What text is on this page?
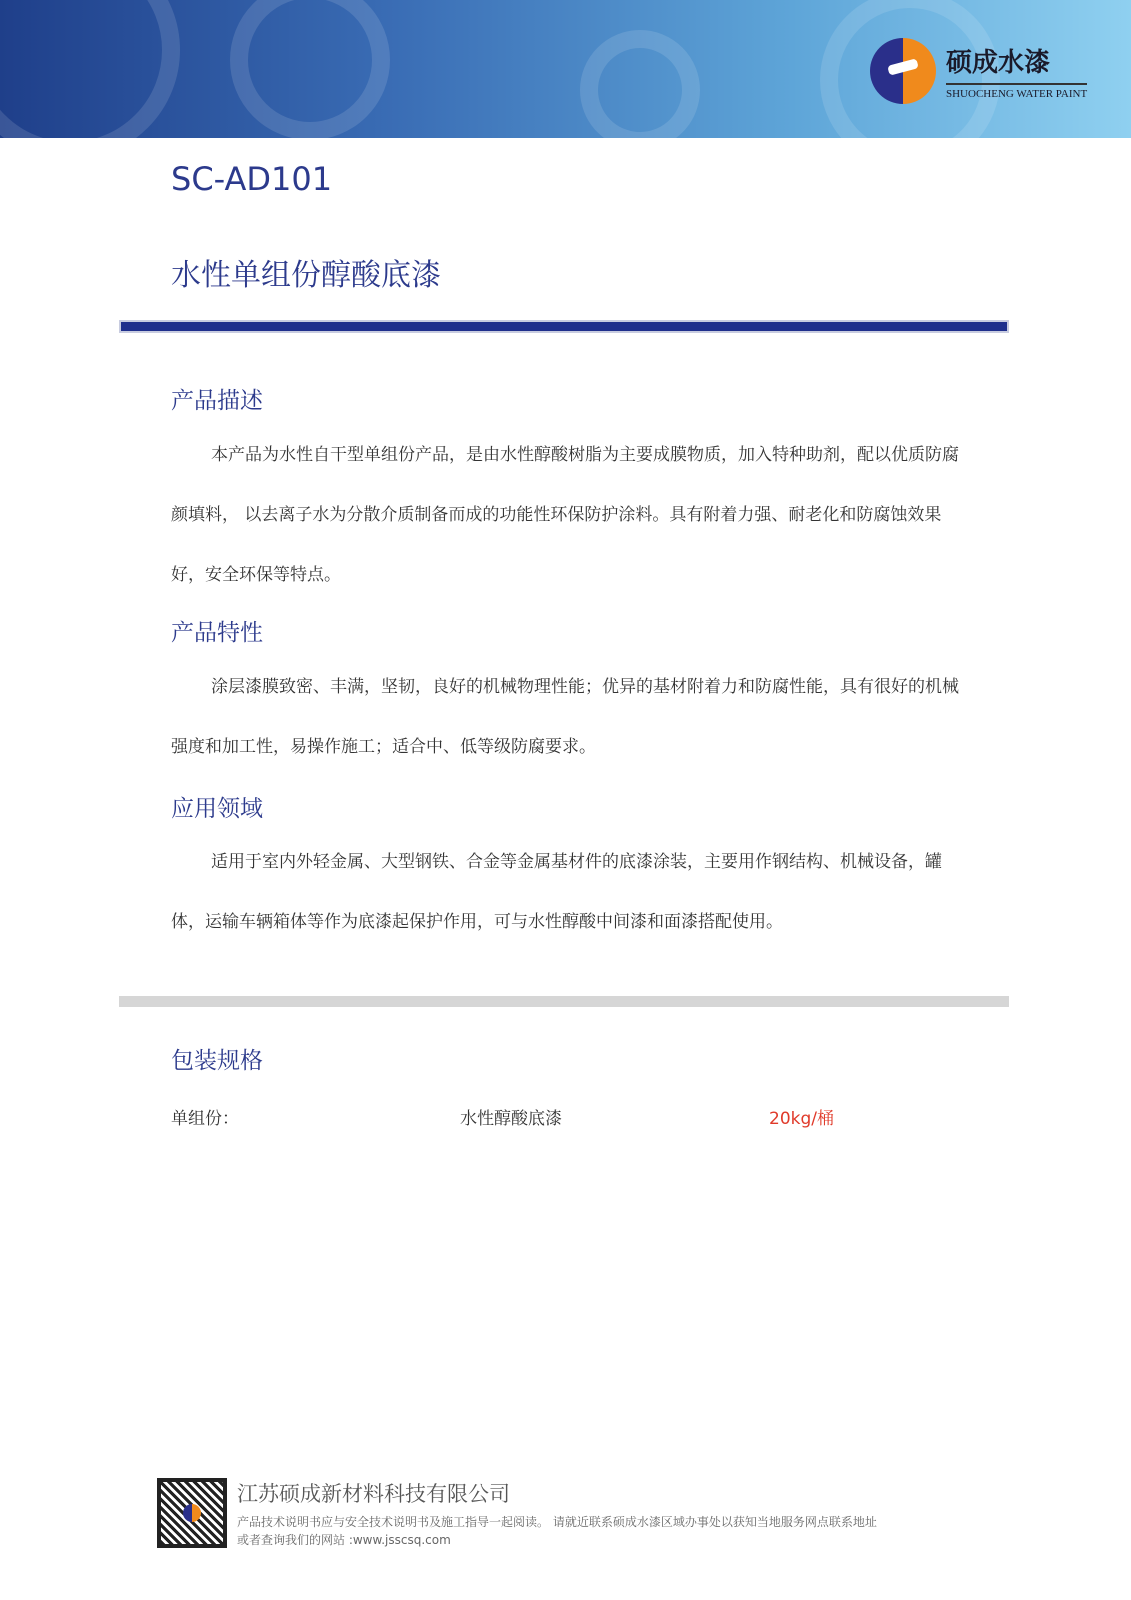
硕成水漆
SHUOCHENG WATER PAINT
SC-AD101
水性单组份醇酸底漆
产品描述
本产品为水性自干型单组份产品，是由水性醇酸树脂为主要成膜物质，加入特种助剂，配以优质防腐颜填料， 以去离子水为分散介质制备而成的功能性环保防护涂料。具有附着力强、耐老化和防腐蚀效果好，安全环保等特点。
产品特性
涂层漆膜致密、丰满，坚韧，良好的机械物理性能；优异的基材附着力和防腐性能，具有很好的机械强度和加工性，易操作施工；适合中、低等级防腐要求。
应用领域
适用于室内外轻金属、大型钢铁、合金等金属基材件的底漆涂装，主要用作钢结构、机械设备，罐体，运输车辆箱体等作为底漆起保护作用，可与水性醇酸中间漆和面漆搭配使用。
包装规格
单组份：	水性醇酸底漆	20kg/桶
江苏硕成新材料科技有限公司
产品技术说明书应与安全技术说明书及施工指导一起阅读。 请就近联系硕成水漆区域办事处以获知当地服务网点联系地址
或者查询我们的网站 :www.jsscsq.com
